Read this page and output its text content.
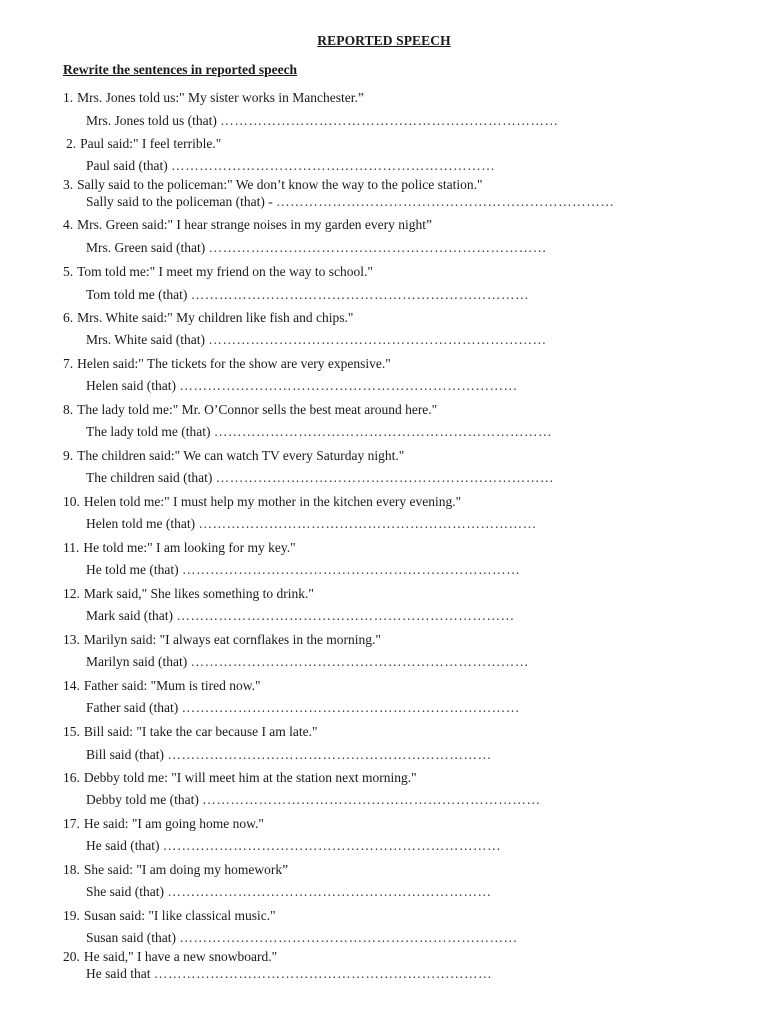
REPORTED SPEECH
Rewrite the sentences in reported speech
1. Mrs. Jones told us:" My sister works in Manchester.”
Mrs. Jones told us (that) ………………………………………………………………
2. Paul said:" I feel terrible."
Paul said (that) ……………………………………………………………
3. Sally said to the policeman:" We don’t know the way to the police station."
Sally said to the policeman (that) - ………………………………………………………………
4. Mrs. Green said:" I hear strange noises in my garden every night”
Mrs. Green said (that) ………………………………………………………………
5. Tom told me:" I meet my friend on the way to school."
Tom told me (that) ………………………………………………………………
6. Mrs. White said:" My children like fish and chips."
Mrs. White said (that) ………………………………………………………………
7. Helen said:" The tickets for the show are very expensive."
Helen said (that) ………………………………………………………………
8. The lady told me:" Mr. O’Connor sells the best meat around here."
The lady told me (that) ………………………………………………………………
9. The children said:" We can watch TV every Saturday night."
The children said (that) ………………………………………………………………
10. Helen told me:" I must help my mother in the kitchen every evening."
Helen told me (that) ………………………………………………………………
11. He told me:" I am looking for my key."
He told me (that) ………………………………………………………………
12. Mark said," She likes something to drink."
Mark said (that) ………………………………………………………………
13. Marilyn said: "I always eat cornflakes in the morning."
Marilyn said (that) ………………………………………………………………
14. Father said: "Mum is tired now."
Father said (that) ………………………………………………………………
15. Bill said: "I take the car because I am late."
Bill said (that) ……………………………………………………………
16. Debby told me: "I will meet him at the station next morning."
Debby told me (that) ………………………………………………………………
17. He said: "I am going home now."
He said (that) ………………………………………………………………
18. She said: "I am doing my homework”
She said (that) ……………………………………………………………
19. Susan said: "I like classical music."
Susan said (that) ………………………………………………………………
20. He said," I have a new snowboard."
He said that ………………………………………………………………
